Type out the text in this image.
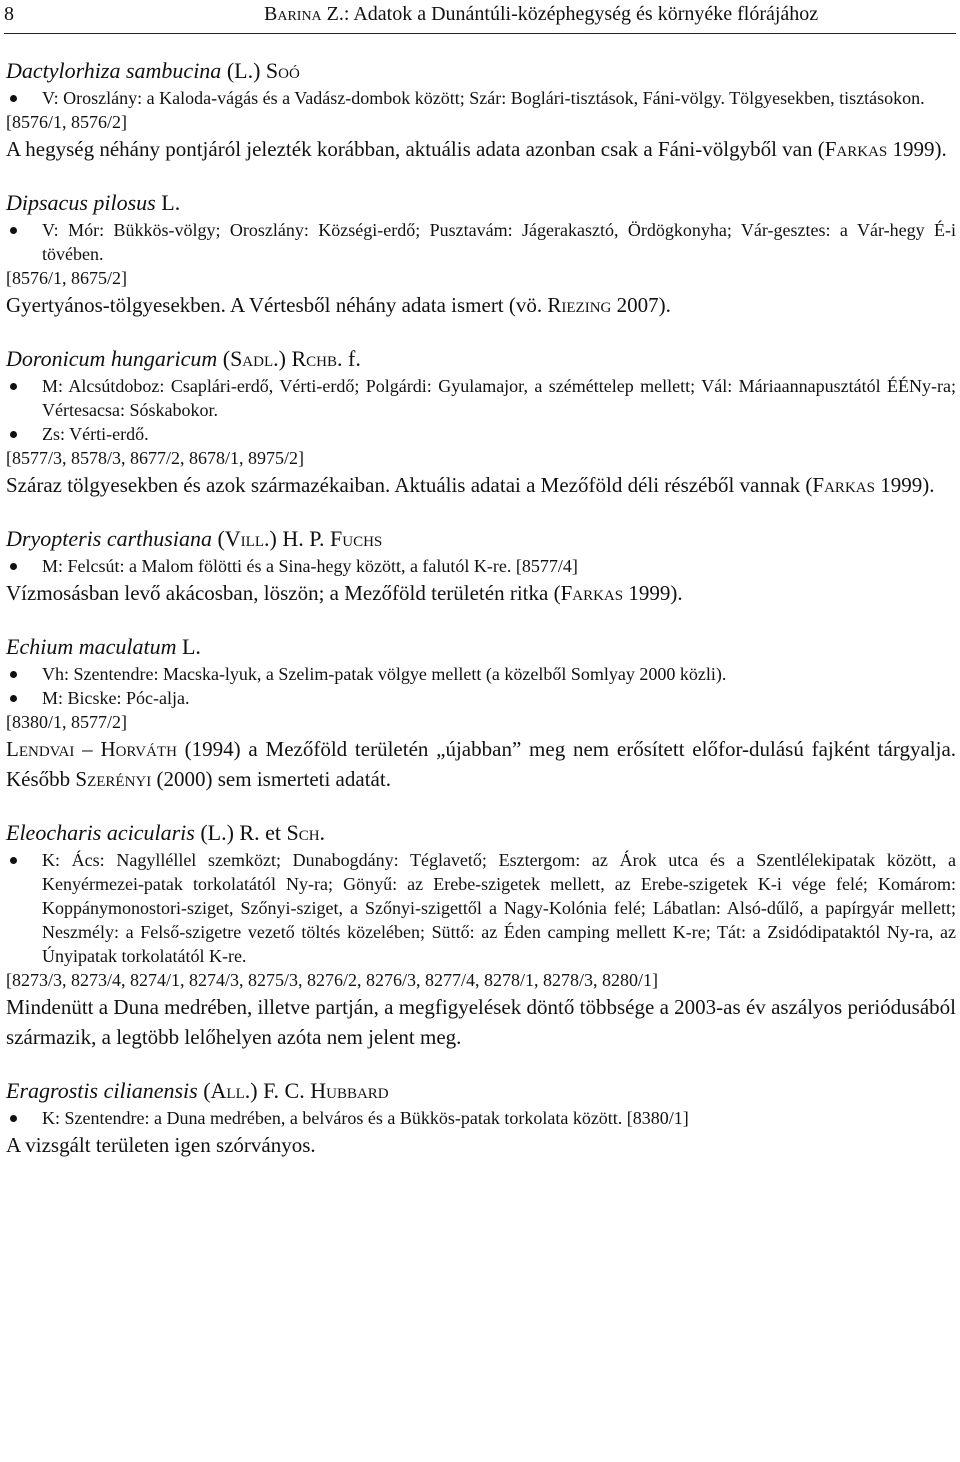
8	Barina Z.: Adatok a Dunántúli-középhegység és környéke flórájához
Dactylorhiza sambucina (L.) Soó
V: Oroszlány: a Kaloda-vágás és a Vadász-dombok között; Szár: Boglári-tisztások, Fáni-völgy. Tölgyesekben, tisztásokon.
[8576/1, 8576/2]
A hegység néhány pontjáról jelezték korábban, aktuális adata azonban csak a Fáni-völgyből van (Farkas 1999).
Dipsacus pilosus L.
V: Mór: Bükkös-völgy; Oroszlány: Községi-erdő; Pusztavám: Jágerakasztó, Ördögkonyha; Vár-gesztes: a Vár-hegy É-i tövében.
[8576/1, 8675/2]
Gyertyános-tölgyesekben. A Vértesből néhány adata ismert (vö. Riezing 2007).
Doronicum hungaricum (Sadl.) Rchb. f.
M: Alcsútdoboz: Csaplári-erdő, Vérti-erdő; Polgárdi: Gyulamajor, a széméttelep mellett; Vál: Máriaannapusztától ÉÉNy-ra; Vértesacsa: Sóskabokor.
Zs: Vérti-erdő.
[8577/3, 8578/3, 8677/2, 8678/1, 8975/2]
Száraz tölgyesekben és azok származékaiban. Aktuális adatai a Mezőföld déli részéből vannak (Farkas 1999).
Dryopteris carthusiana (Vill.) H. P. Fuchs
M: Felcsút: a Malom fölötti és a Sina-hegy között, a falutól K-re. [8577/4]
Vízmosásban levő akácosban, löszön; a Mezőföld területén ritka (Farkas 1999).
Echium maculatum L.
Vh: Szentendre: Macska-lyuk, a Szelim-patak völgye mellett (a közelből Somlyay 2000 közli).
M: Bicske: Póc-alja.
[8380/1, 8577/2]
Lendvai – Horváth (1994) a Mezőföld területén „újabban” meg nem erősített előfor-dulású fajként tárgyalja. Később Szerényi (2000) sem ismerteti adatát.
Eleocharis acicularis (L.) R. et Sch.
K: Ács: Nagylléllel szemközt; Dunabogdány: Téglavető; Esztergom: az Árok utca és a Szentlélekipatak között, a Kenyérmezei-patak torkolatától Ny-ra; Gönyű: az Erebe-szigetek mellett, az Erebe-szigetek K-i vége felé; Komárom: Koppánymonostori-sziget, Szőnyi-sziget, a Szőnyi-szigettől a Nagy-Kolónia felé; Lábatlan: Alsó-dűlő, a papírgyár mellett; Neszmély: a Felső-szigetre vezető töltés közelében; Süttő: az Éden camping mellett K-re; Tát: a Zsidódipataktól Ny-ra, az Únyipatak torkolatától K-re.
[8273/3, 8273/4, 8274/1, 8274/3, 8275/3, 8276/2, 8276/3, 8277/4, 8278/1, 8278/3, 8280/1]
Mindenütt a Duna medrében, illetve partján, a megfigyelések döntő többsége a 2003-as év aszályos periódusából származik, a legtöbb lelőhelyen azóta nem jelent meg.
Eragrostis cilianensis (All.) F. C. Hubbard
K: Szentendre: a Duna medrében, a belváros és a Bükkös-patak torkolata között. [8380/1]
A vizsgált területen igen szórványos.
